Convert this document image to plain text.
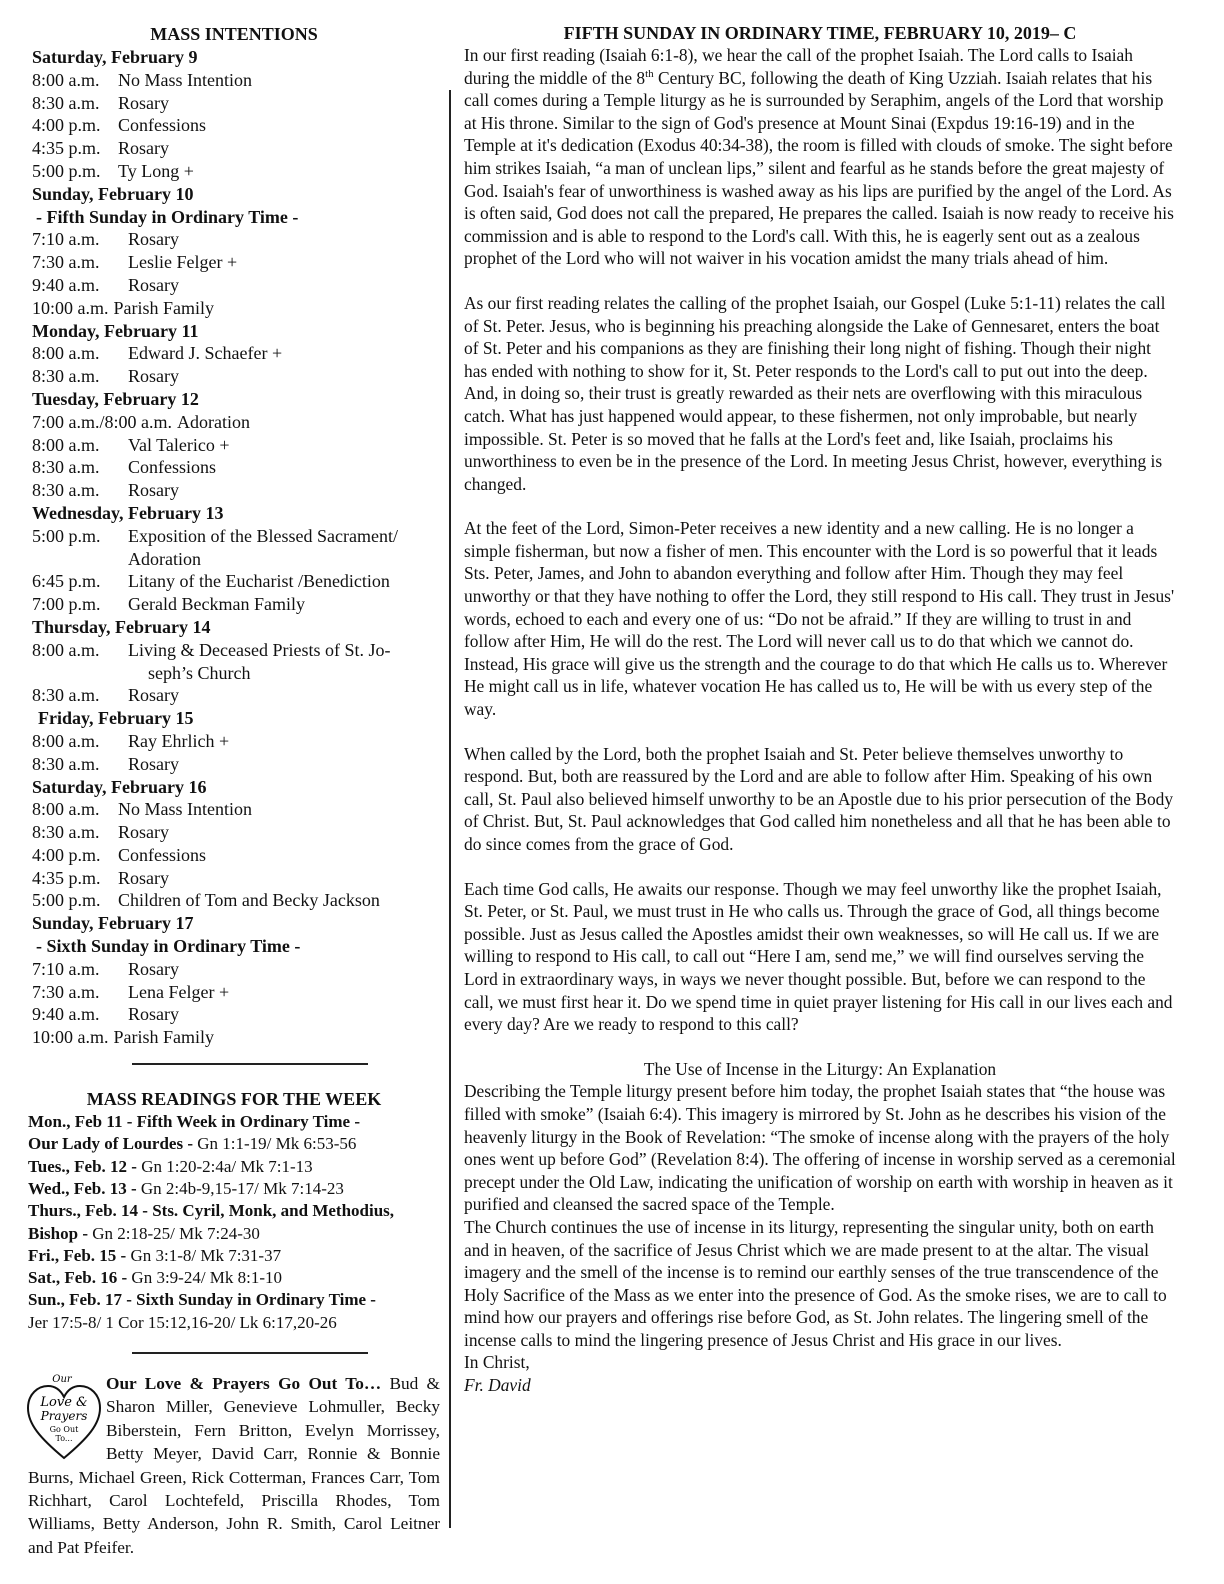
MASS INTENTIONS
Saturday, February 9
8:00 a.m.	No Mass Intention
8:30 a.m.	Rosary
4:00 p.m. Confessions
4:35 p.m. Rosary
5:00 p.m. Ty Long +
Sunday, February 10
- Fifth Sunday in Ordinary Time -
7:10 a.m.	Rosary
7:30 a.m.	Leslie Felger +
9:40 a.m.	Rosary
10:00 a.m. Parish Family
Monday, February 11
8:00 a.m.	Edward J. Schaefer +
8:30 a.m.	Rosary
Tuesday, February 12
7:00 a.m./8:00 a.m. Adoration
8:00 a.m.	Val Talerico +
8:30 a.m.	Confessions
8:30 a.m.	Rosary
Wednesday, February 13
5:00 p.m.	Exposition of the Blessed Sacrament/
Adoration
6:45 p.m.	Litany of the Eucharist /Benediction
7:00 p.m.	Gerald Beckman Family
Thursday, February 14
8:00 a.m.	Living & Deceased Priests of St. Jo-
seph’s Church
8:30 a.m.	Rosary
Friday, February 15
8:00 a.m.	Ray Ehrlich +
8:30 a.m.	Rosary
Saturday, February 16
8:00 a.m.	No Mass Intention
8:30 a.m.	Rosary
4:00 p.m. Confessions
4:35 p.m. Rosary
5:00 p.m. Children of Tom and Becky Jackson
Sunday, February 17
- Sixth Sunday in Ordinary Time -
7:10 a.m.	Rosary
7:30 a.m.	Lena Felger +
9:40 a.m.	Rosary
10:00 a.m. Parish Family
MASS READINGS FOR THE WEEK
Mon., Feb 11 - Fifth Week in Ordinary Time -
Our Lady of Lourdes - Gn 1:1-19/ Mk 6:53-56
Tues., Feb. 12 - Gn 1:20-2:4a/ Mk 7:1-13
Wed., Feb. 13 - Gn 2:4b-9,15-17/ Mk 7:14-23
Thurs., Feb. 14 - Sts. Cyril, Monk, and Methodius,
Bishop - Gn 2:18-25/ Mk 7:24-30
Fri., Feb. 15 - Gn 3:1-8/ Mk 7:31-37
Sat., Feb. 16 - Gn 3:9-24/ Mk 8:1-10
Sun., Feb. 17 - Sixth Sunday in Ordinary Time -
Jer 17:5-8/ 1 Cor 15:12,16-20/ Lk 6:17,20-26
Our
Love &
Prayers
Go Out
To...
Our Love & Prayers Go Out To… Bud & Sharon Miller, Genevieve Lohmuller, Becky Biberstein, Fern Britton, Evelyn Morrissey, Betty Meyer, David Carr, Ronnie & Bonnie Burns, Michael Green, Rick Cotterman, Frances Carr, Tom Richhart, Carol Lochtefeld, Priscilla Rhodes, Tom Williams, Betty Anderson, John R. Smith, Carol Leitner and Pat Pfeifer.
FIFTH SUNDAY IN ORDINARY TIME, FEBRUARY 10, 2019– C

In our first reading (Isaiah 6:1-8), we hear the call of the prophet Isaiah. The Lord calls to Isaiah during the middle of the 8th Century BC, following the death of King Uzziah. Isaiah relates that his call comes during a Temple liturgy as he is surrounded by Seraphim, angels of the Lord that worship at His throne. Similar to the sign of God's presence at Mount Sinai (Expdus 19:16-19) and in the Temple at it's dedication (Exodus 40:34-38), the room is filled with clouds of smoke. The sight before him strikes Isaiah, “a man of unclean lips,” silent and fearful as he stands before the great majesty of God. Isaiah's fear of unworthiness is washed away as his lips are purified by the angel of the Lord. As is often said, God does not call the prepared, He prepares the called. Isaiah is now ready to receive his commission and is able to respond to the Lord's call. With this, he is eagerly sent out as a zealous prophet of the Lord who will not waiver in his vocation amidst the many trials ahead of him.

As our first reading relates the calling of the prophet Isaiah, our Gospel (Luke 5:1-11) relates the call of St. Peter. Jesus, who is beginning his preaching alongside the Lake of Gennesaret, enters the boat of St. Peter and his companions as they are finishing their long night of fishing. Though their night has ended with nothing to show for it, St. Peter responds to the Lord's call to put out into the deep. And, in doing so, their trust is greatly rewarded as their nets are overflowing with this miraculous catch. What has just happened would appear, to these fishermen, not only improbable, but nearly impossible. St. Peter is so moved that he falls at the Lord's feet and, like Isaiah, proclaims his unworthiness to even be in the presence of the Lord. In meeting Jesus Christ, however, everything is changed.

At the feet of the Lord, Simon-Peter receives a new identity and a new calling. He is no longer a simple fisherman, but now a fisher of men. This encounter with the Lord is so powerful that it leads Sts. Peter, James, and John to abandon everything and follow after Him. Though they may feel unworthy or that they have nothing to offer the Lord, they still respond to His call. They trust in Jesus' words, echoed to each and every one of us: “Do not be afraid.” If they are willing to trust in and follow after Him, He will do the rest. The Lord will never call us to do that which we cannot do. Instead, His grace will give us the strength and the courage to do that which He calls us to. Wherever He might call us in life, whatever vocation He has called us to, He will be with us every step of the way.

When called by the Lord, both the prophet Isaiah and St. Peter believe themselves unworthy to respond. But, both are reassured by the Lord and are able to follow after Him. Speaking of his own call, St. Paul also believed himself unworthy to be an Apostle due to his prior persecution of the Body of Christ. But, St. Paul acknowledges that God called him nonetheless and all that he has been able to do since comes from the grace of God.

Each time God calls, He awaits our response. Though we may feel unworthy like the prophet Isaiah, St. Peter, or St. Paul, we must trust in He who calls us. Through the grace of God, all things become possible. Just as Jesus called the Apostles amidst their own weaknesses, so will He call us. If we are willing to respond to His call, to call out “Here I am, send me,” we will find ourselves serving the Lord in extraordinary ways, in ways we never thought possible. But, before we can respond to the call, we must first hear it. Do we spend time in quiet prayer listening for His call in our lives each and every day? Are we ready to respond to this call?

The Use of Incense in the Liturgy: An Explanation

Describing the Temple liturgy present before him today, the prophet Isaiah states that “the house was filled with smoke” (Isaiah 6:4). This imagery is mirrored by St. John as he describes his vision of the heavenly liturgy in the Book of Revelation: “The smoke of incense along with the prayers of the holy ones went up before God” (Revelation 8:4). The offering of incense in worship served as a ceremonial precept under the Old Law, indicating the unification of worship on earth with worship in heaven as it purified and cleansed the sacred space of the Temple.

The Church continues the use of incense in its liturgy, representing the singular unity, both on earth and in heaven, of the sacrifice of Jesus Christ which we are made present to at the altar. The visual imagery and the smell of the incense is to remind our earthly senses of the true transcendence of the Holy Sacrifice of the Mass as we enter into the presence of God. As the smoke rises, we are to call to mind how our prayers and offerings rise before God, as St. John relates. The lingering smell of the incense calls to mind the lingering presence of Jesus Christ and His grace in our lives.

In Christ,
Fr. David
